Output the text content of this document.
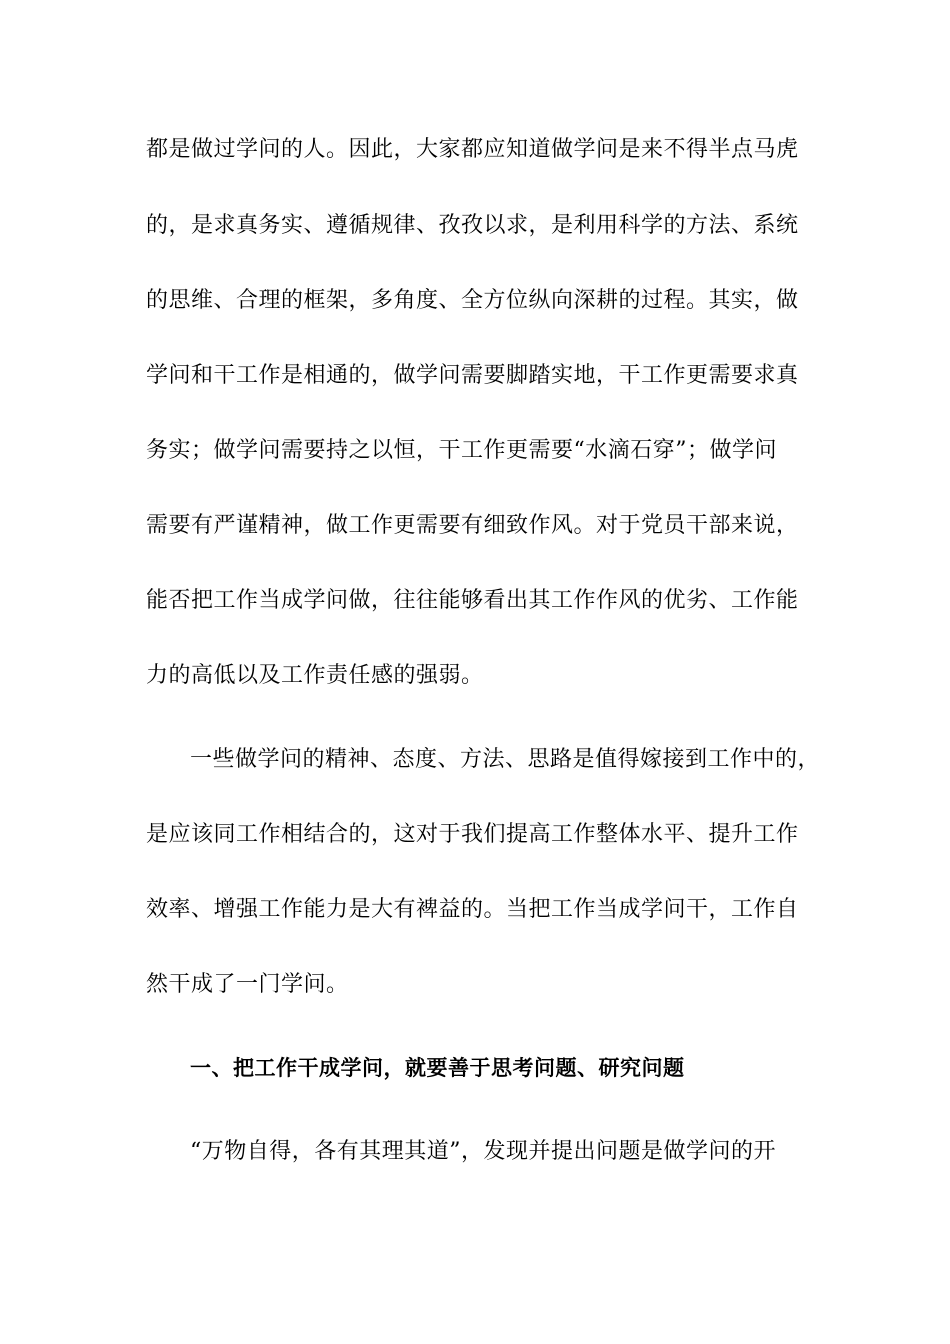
都是做过学问的人。因此，大家都应知道做学问是来不得半点马虎
的，是求真务实、遵循规律、孜孜以求，是利用科学的方法、系统
的思维、合理的框架，多角度、全方位纵向深耕的过程。其实，做
学问和干工作是相通的，做学问需要脚踏实地，干工作更需要求真
务实；做学问需要持之以恒，干工作更需要“水滴石穿”；做学问
需要有严谨精神，做工作更需要有细致作风。对于党员干部来说，
能否把工作当成学问做，往往能够看出其工作作风的优劣、工作能
力的高低以及工作责任感的强弱。
一些做学问的精神、态度、方法、思路是值得嫁接到工作中的，
是应该同工作相结合的，这对于我们提高工作整体水平、提升工作
效率、增强工作能力是大有裨益的。当把工作当成学问干，工作自
然干成了一门学问。
一、把工作干成学问，就要善于思考问题、研究问题
“万物自得，各有其理其道”，发现并提出问题是做学问的开
